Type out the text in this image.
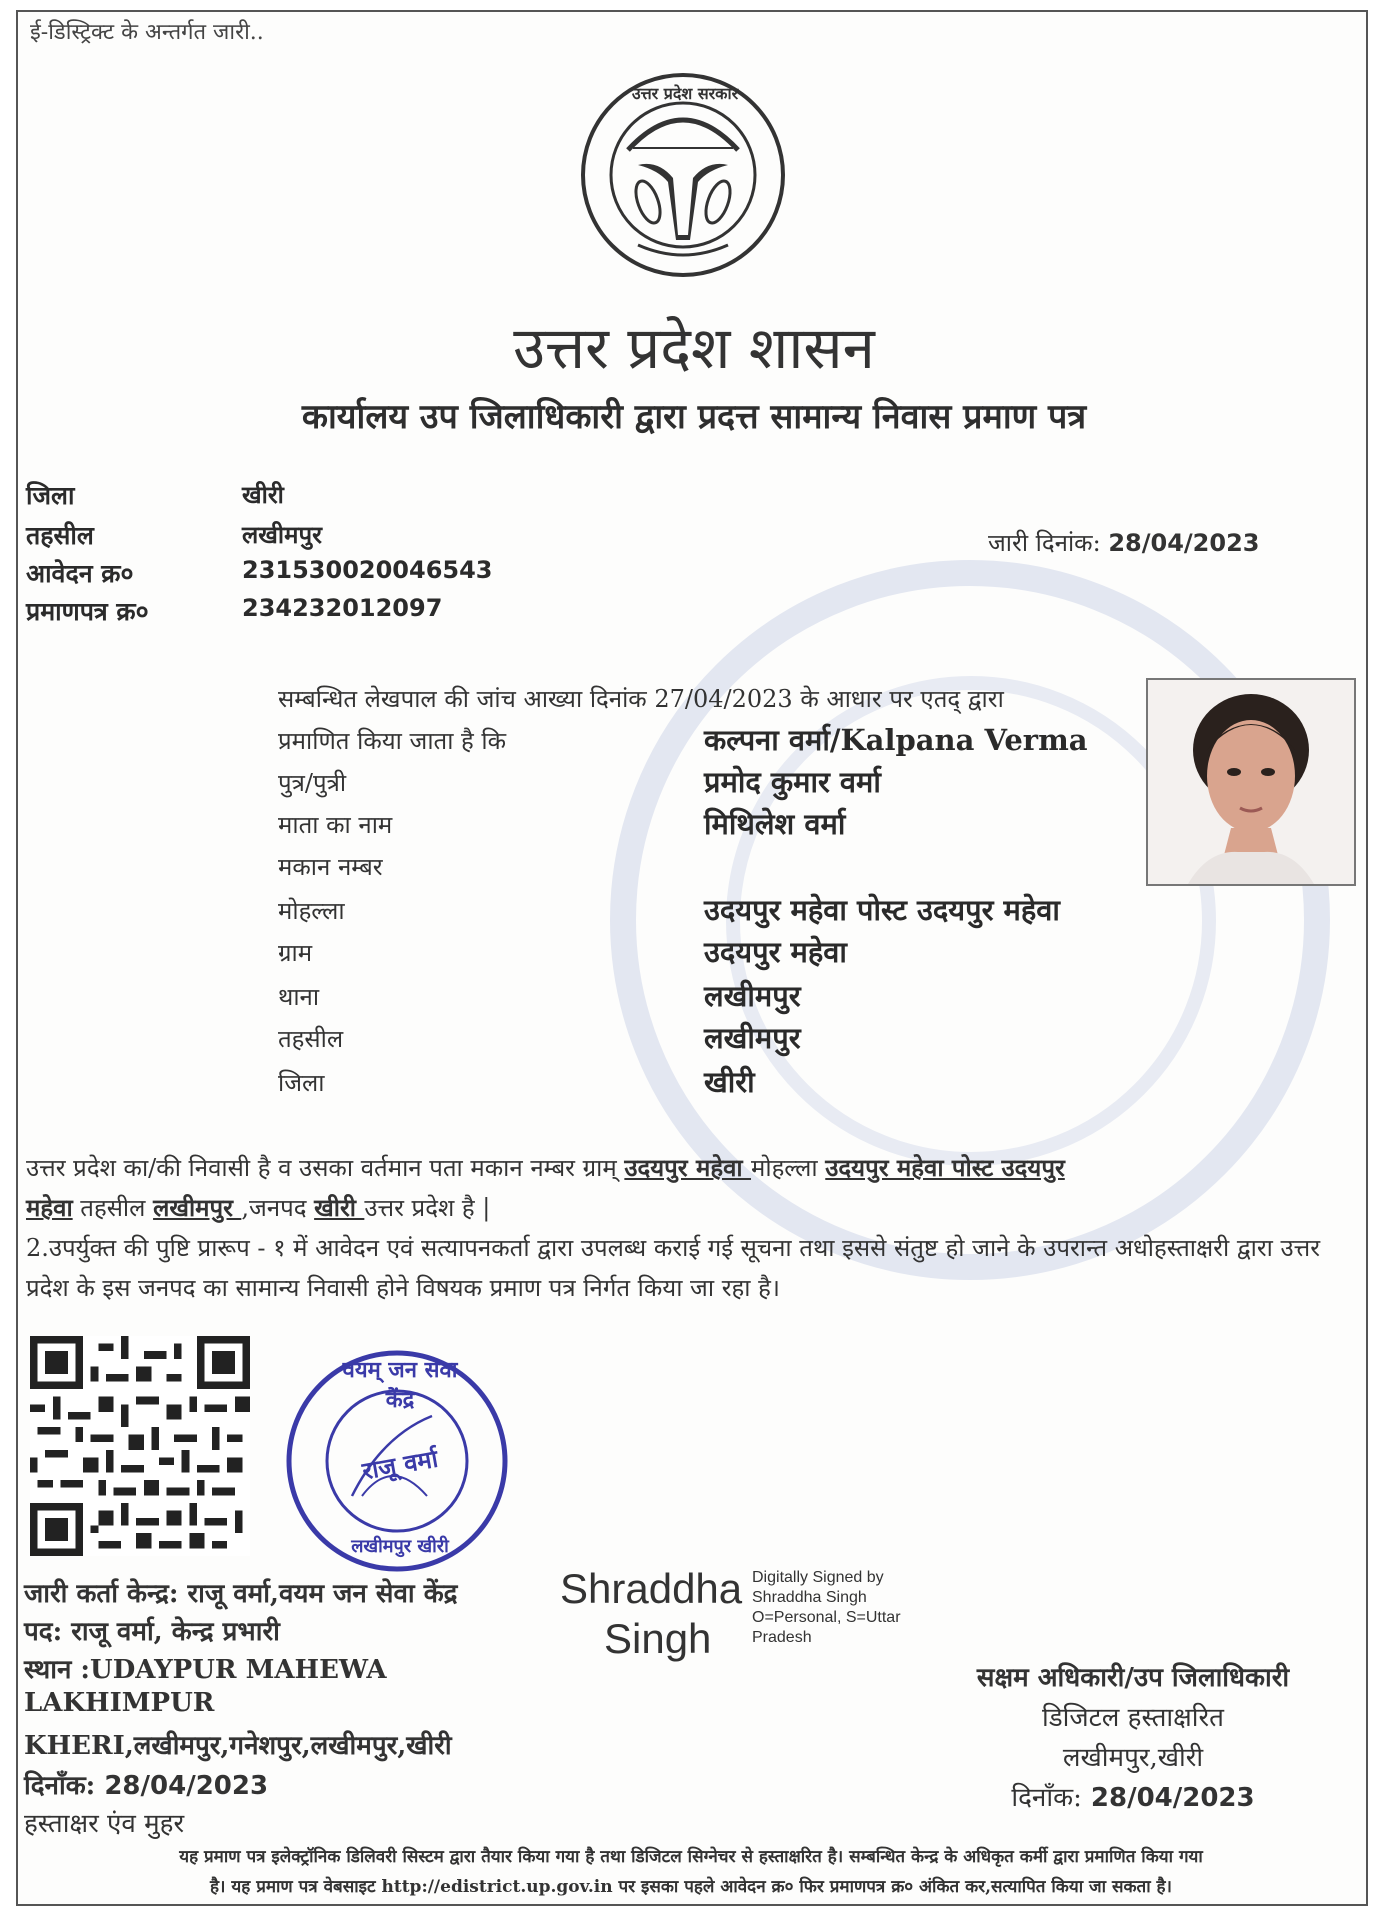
ई-डिस्ट्रिक्ट के अन्तर्गत जारी..
उत्तर प्रदेश सरकार
उत्तर प्रदेश शासन
कार्यालय उप जिलाधिकारी द्वारा प्रदत्त सामान्य निवास प्रमाण पत्र
जिला	खीरी
तहसील	लखीमपुर
आवेदन क्र०	231530020046543
प्रमाणपत्र क्र०	234232012097
जारी दिनांक: 28/04/2023
सम्बन्धित लेखपाल की जांच आख्या दिनांक 27/04/2023 के आधार पर एतद् द्वारा
प्रमाणित किया जाता है कि	कल्पना वर्मा/Kalpana Verma
पुत्र/पुत्री	प्रमोद कुमार वर्मा
माता का नाम	मिथिलेश वर्मा
मकान नम्बर
मोहल्ला	उदयपुर महेवा पोस्ट उदयपुर महेवा
ग्राम	उदयपुर महेवा
थाना	लखीमपुर
तहसील	लखीमपुर
जिला	खीरी
उत्तर प्रदेश का/की निवासी है व उसका वर्तमान पता मकान नम्बर ग्राम् उदयपुर महेवा मोहल्ला उदयपुर महेवा पोस्ट उदयपुर
महेवा तहसील लखीमपुर ,जनपद खीरी उत्तर प्रदेश है |
2.उपर्युक्त की पुष्टि प्रारूप - १ में आवेदन एवं सत्यापनकर्ता द्वारा उपलब्ध कराई गई सूचना तथा इससे संतुष्ट हो जाने के उपरान्त अधोहस्ताक्षरी द्वारा उत्तर प्रदेश के इस जनपद का सामान्य निवासी होने विषयक प्रमाण पत्र निर्गत किया जा रहा है।
वयम् जन सेवा केंद्र
राजू वर्मा
लखीमपुर खीरी
जारी कर्ता केन्द्र: राजू वर्मा,वयम जन सेवा केंद्र
पद: राजू वर्मा, केन्द्र प्रभारी
स्थान :UDAYPUR MAHEWA
LAKHIMPUR
KHERI,लखीमपुर,गनेशपुर,लखीमपुर,खीरी
दिनाँक: 28/04/2023
हस्ताक्षर एंव मुहर
Shraddha
Singh
Digitally Signed by
Shraddha Singh
O=Personal, S=Uttar
Pradesh
सक्षम अधिकारी/उप जिलाधिकारी
डिजिटल हस्ताक्षरित
लखीमपुर,खीरी
दिनाँक: 28/04/2023
यह प्रमाण पत्र इलेक्ट्रॉनिक डिलिवरी सिस्टम द्वारा तैयार किया गया है तथा डिजिटल सिग्नेचर से हस्ताक्षरित है। सम्बन्धित केन्द्र के अधिकृत कर्मी द्वारा प्रमाणित किया गया
है। यह प्रमाण पत्र वेबसाइट http://edistrict.up.gov.in पर इसका पहले आवेदन क्र० फिर प्रमाणपत्र क्र० अंकित कर,सत्यापित किया जा सकता है।
